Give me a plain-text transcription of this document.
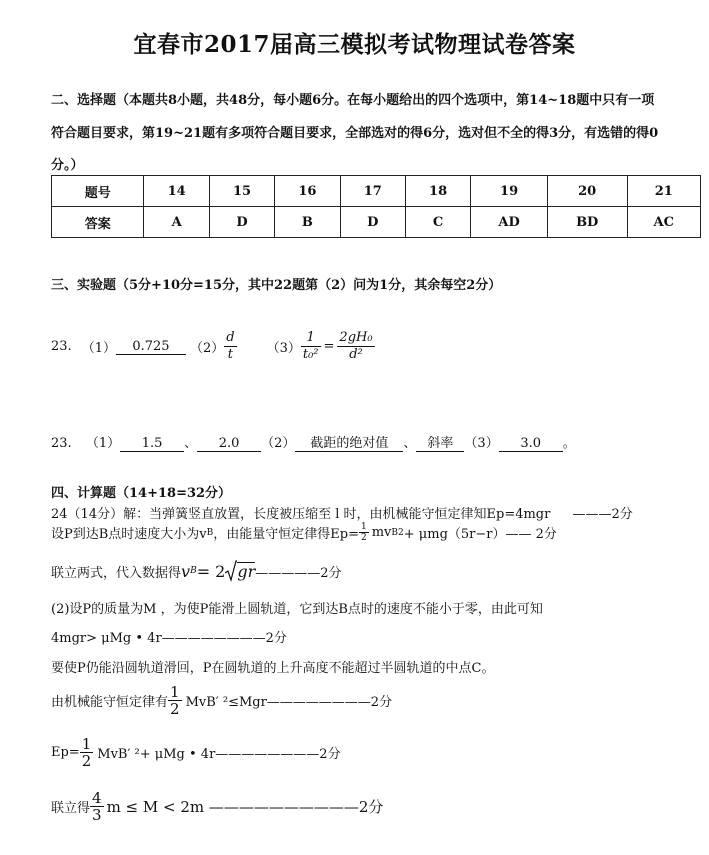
宜春市2017届高三模拟考试物理试卷答案
二、选择题（本题共8小题，共48分，每小题6分。在每小题给出的四个选项中，第14~18题中只有一项
符合题目要求，第19~21题有多项符合题目要求，全部选对的得6分，选对但不全的得3分，有选错的得0
分。）
题号	14	15	16	17	18	19	20	21
答案	A	D	B	D	C	AD	BD	AC
三、实验题（5分+10分=15分，其中22题第（2）问为1分，其余每空2分）
23. （1）	0.725	$(2) \frac{d}{t} (3) \frac{1}{\text{t₀²}} = \frac{\text{2gH₀}}{\text{d²}}$
23. （1） 1.5 、 2.0 （2） 截距的绝对值 、 斜率 （3） 3.0 。
四、计算题（14+18=32分）
24（14分）解：当弹簧竖直放置，长度被压缩至 l 时，由机械能守恒定律知Ep=4mgr ———2分
设P到达B点时速度大小为v B ，由能量守恒定律得$Ep= \frac{1}{2}$ mv B 2 + μmg（5r−r）—— 2分
联立两式，代入数据得 v B = 2 gr —————2分
(2)设P的质量为M ，为使P能滑上圆轨道，它到达B点时的速度不能小于零，由此可知
4mgr> μMg • 4r————————2分
要使P仍能沿圆轨道滑回，P在圆轨道的上升高度不能超过半圆轨道的中点C。
由机械能守恒定律有 $\frac{1}{2} MvB'$ ²≤Mgr————————2分
$Ep= \frac{1}{2} MvB'$ ²+ μMg • 4r————————2分
联立得 $\frac{4}{3}$ m ≤ M < 2m ——————————2分
